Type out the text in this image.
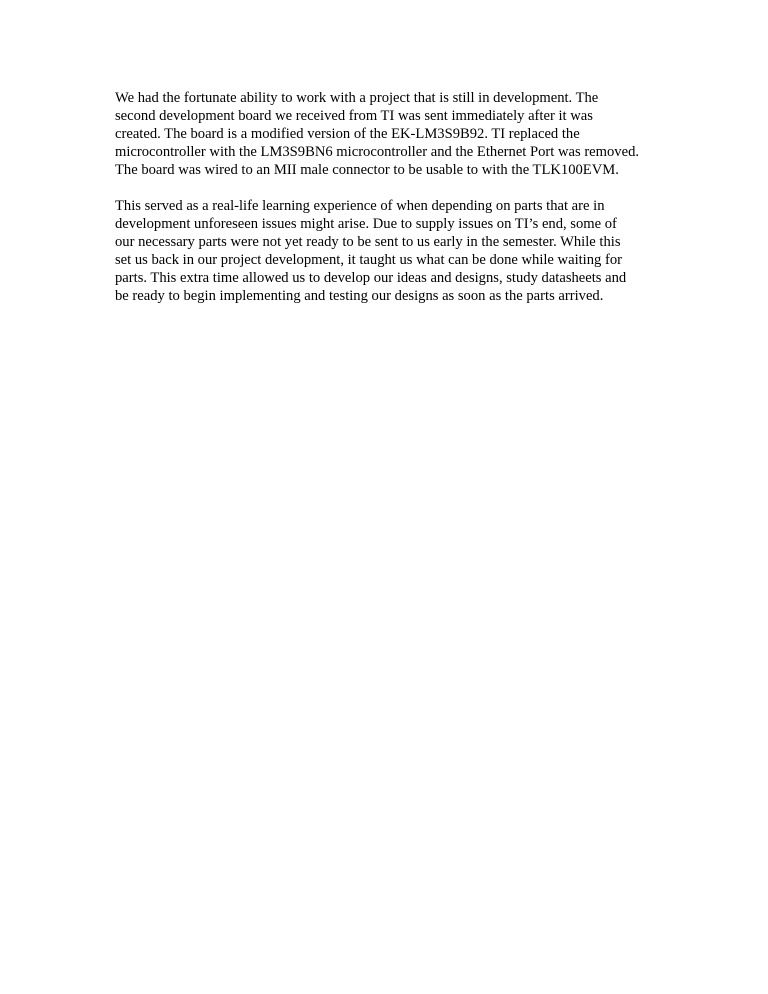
We had the fortunate ability to work with a project that is still in development. The
second development board we received from TI was sent immediately after it was
created. The board is a modified version of the EK-LM3S9B92. TI replaced the
microcontroller with the LM3S9BN6 microcontroller and the Ethernet Port was removed.
The board was wired to an MII male connector to be usable to with the TLK100EVM.
This served as a real-life learning experience of when depending on parts that are in
development unforeseen issues might arise. Due to supply issues on TI’s end, some of
our necessary parts were not yet ready to be sent to us early in the semester. While this
set us back in our project development, it taught us what can be done while waiting for
parts. This extra time allowed us to develop our ideas and designs, study datasheets and
be ready to begin implementing and testing our designs as soon as the parts arrived.
